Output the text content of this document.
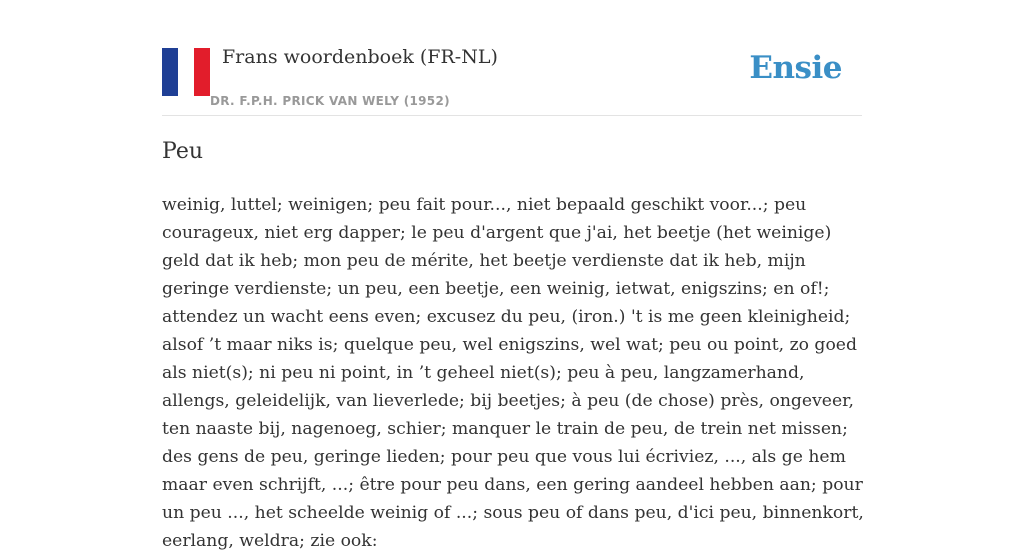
Frans woordenboek (FR-NL)
DR. F.P.H. PRICK VAN WELY (1952)
Ensie
Peu

weinig, luttel; weinigen; peu fait pour..., niet bepaald geschikt voor...; peu courageux, niet erg dapper; le peu d'argent que j'ai, het beetje (het weinige) geld dat ik heb; mon peu de mérite, het beetje verdienste dat ik heb, mijn geringe verdienste; un peu, een beetje, een weinig, ietwat, enigszins; en of!; attendez un wacht eens even; excusez du peu, (iron.) 't is me geen kleinigheid; alsof ’t maar niks is; quelque peu, wel enigszins, wel wat; peu ou point, zo goed als niet(s); ni peu ni point, in ’t geheel niet(s); peu à peu, langzamerhand, allengs, geleidelijk, van lieverlede; bij beetjes; à peu (de chose) près, ongeveer, ten naaste bij, nagenoeg, schier; manquer le train de peu, de trein net missen; des gens de peu, geringe lieden; pour peu que vous lui écriviez, ..., als ge hem maar even schrijft, ...; être pour peu dans, een gering aandeel hebben aan; pour un peu ..., het scheelde weinig of ...; sous peu of dans peu, d'ici peu, binnenkort, eerlang, weldra; zie ook:
